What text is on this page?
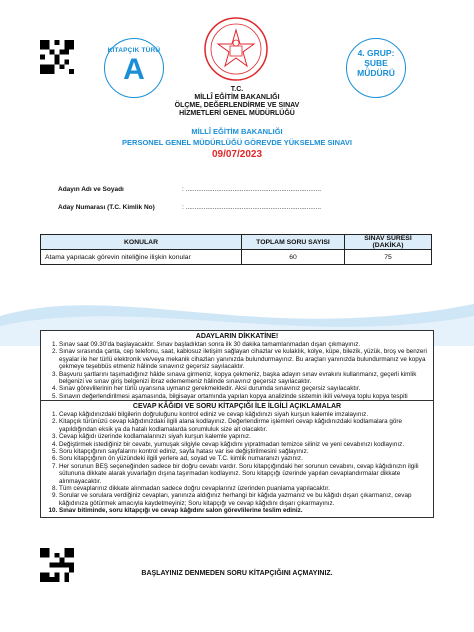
KİTAPÇIK TÜRÜ
A	4. GRUP:
ŞUBE
MÜDÜRÜ
T.C.
MİLLÎ EĞİTİM BAKANLIĞI
ÖLÇME, DEĞERLENDİRME VE SINAV
HİZMETLERİ GENEL MÜDÜRLÜĞÜ
MİLLÎ EĞİTİM BAKANLIĞI
PERSONEL GENEL MÜDÜRLÜĞÜ GÖREVDE YÜKSELME SINAVI
09/07/2023
Adayın Adı ve Soyadı	: ...........................................................................
Aday Numarası (T.C. Kimlik No)	: ...........................................................................
KONULAR	TOPLAM SORU SAYISI	SINAV SÜRESİ (DAKİKA)
Atama yapılacak görevin niteliğine ilişkin konular	60	75
ADAYLARIN DİKKATİNE!
1. Sınav saat 09.30'da başlayacaktır. Sınav başladıktan sonra ilk 30 dakika tamamlanmadan dışarı çıkmayınız.
2. Sınav sırasında çanta, cep telefonu, saat, kablosuz iletişim sağlayan cihazlar ve kulaklık, kolye, küpe, bilezik, yüzük, broş ve benzeri eşyalar ile her türlü elektronik ve/veya mekanik cihazları yanınızda bulundurmayınız. Bu araçları yanınızda bulundurmanız ve kopya çekmeye teşebbüs etmeniz hâlinde sınavınız geçersiz sayılacaktır.
3. Başvuru şartlarını taşımadığınız hâlde sınava girmeniz, kopya çekmeniz, başka adayın sınav evrakını kullanmanız, geçerli kimlik belgenizi ve sınav giriş belgenizi ibraz edememeniz hâlinde sınavınız geçersiz sayılacaktır.
4. Sınav görevlilerinin her türlü uyarısına uymanız gerekmektedir. Aksi durumda sınavınız geçersiz sayılacaktır.
5. Sınavın değerlendirilmesi aşamasında, bilgisayar ortamında yapılan kopya analizinde sistemin ikili ve/veya toplu kopya tespiti
CEVAP KÂĞIDI VE SORU KİTAPÇIĞI İLE İLGİLİ AÇIKLAMALAR
1. Cevap kâğıdınızdaki bilgilerin doğruluğunu kontrol ediniz ve cevap kâğıdınızı siyah kurşun kalemle imzalayınız.
2. Kitapçık türünüzü cevap kâğıdınızdaki ilgili alana kodlayınız. Değerlendirme işlemleri cevap kâğıdınızdaki kodlamalara göre yapıldığından eksik ya da hatalı kodlamalarda sorumluluk size ait olacaktır.
3. Cevap kâğıdı üzerinde kodlamalarınızı siyah kurşun kalemle yapınız.
4. Değiştirmek istediğiniz bir cevabı, yumuşak silgiyle cevap kâğıdını yıpratmadan temizce siliniz ve yeni cevabınızı kodlayınız.
5. Soru kitapçığının sayfalarını kontrol ediniz, sayfa hatası var ise değiştirilmesini sağlayınız.
6. Soru kitapçığının ön yüzündeki ilgili yerlere ad, soyad ve T.C. kimlik numaranızı yazınız.
7. Her sorunun BEŞ seçeneğinden sadece bir doğru cevabı vardır. Soru kitapçığındaki her sorunun cevabını, cevap kâğıdınızın ilgili sütununa dikkate alarak yuvarlağın dışına taşırmadan kodlayınız. Soru kitapçığı üzerinde yapılan cevaplandırmalar dikkate alınmayacaktır.
8. Tüm cevaplarınız dikkate alınmadan sadece doğru cevaplarınız üzerinden puanlama yapılacaktır.
9. Sorular ve sorulara verdiğiniz cevapları, yanınıza aldığınız herhangi bir kâğıda yazmanız ve bu kâğıdı dışarı çıkarmanız, cevap kâğıdınıza götürmek amacıyla kaydetmeyiniz; Soru kitapçığı ve cevap kâğıdını dışarı çıkarmayınız.
10. Sınav bitiminde, soru kitapçığı ve cevap kâğıdını salon görevlilerine teslim ediniz.
BAŞLAYINIZ DENMEDEN SORU KİTAPÇIĞINI AÇMAYINIZ.
